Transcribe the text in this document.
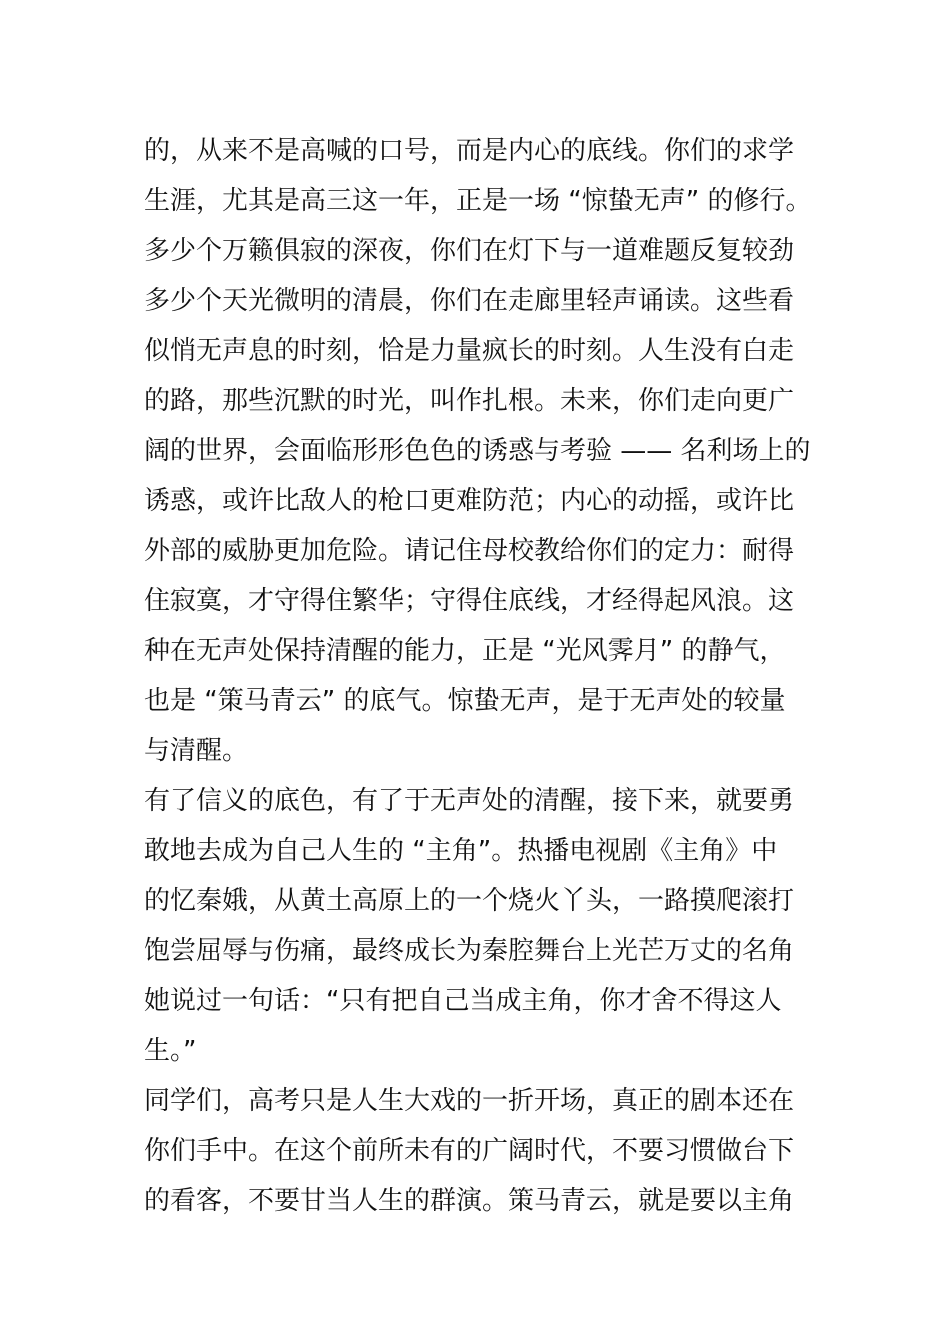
的，从来不是高喊的口号，而是内心的底线。你们的求学
生涯，尤其是高三这一年，正是一场 “惊蛰无声” 的修行。
多少个万籁俱寂的深夜，你们在灯下与一道难题反复较劲
多少个天光微明的清晨，你们在走廊里轻声诵读。这些看
似悄无声息的时刻，恰是力量疯长的时刻。人生没有白走
的路，那些沉默的时光，叫作扎根。未来，你们走向更广
阔的世界，会面临形形色色的诱惑与考验 —— 名利场上的
诱惑，或许比敌人的枪口更难防范；内心的动摇，或许比
外部的威胁更加危险。请记住母校教给你们的定力：耐得
住寂寞，才守得住繁华；守得住底线，才经得起风浪。这
种在无声处保持清醒的能力，正是 “光风霁月” 的静气，
也是 “策马青云” 的底气。惊蛰无声，是于无声处的较量
与清醒。
有了信义的底色，有了于无声处的清醒，接下来，就要勇
敢地去成为自己人生的 “主角”。热播电视剧《主角》中
的忆秦娥，从黄土高原上的一个烧火丫头，一路摸爬滚打
饱尝屈辱与伤痛，最终成长为秦腔舞台上光芒万丈的名角
她说过一句话：“只有把自己当成主角，你才舍不得这人
生。”
同学们，高考只是人生大戏的一折开场，真正的剧本还在
你们手中。在这个前所未有的广阔时代，不要习惯做台下
的看客，不要甘当人生的群演。策马青云，就是要以主角
